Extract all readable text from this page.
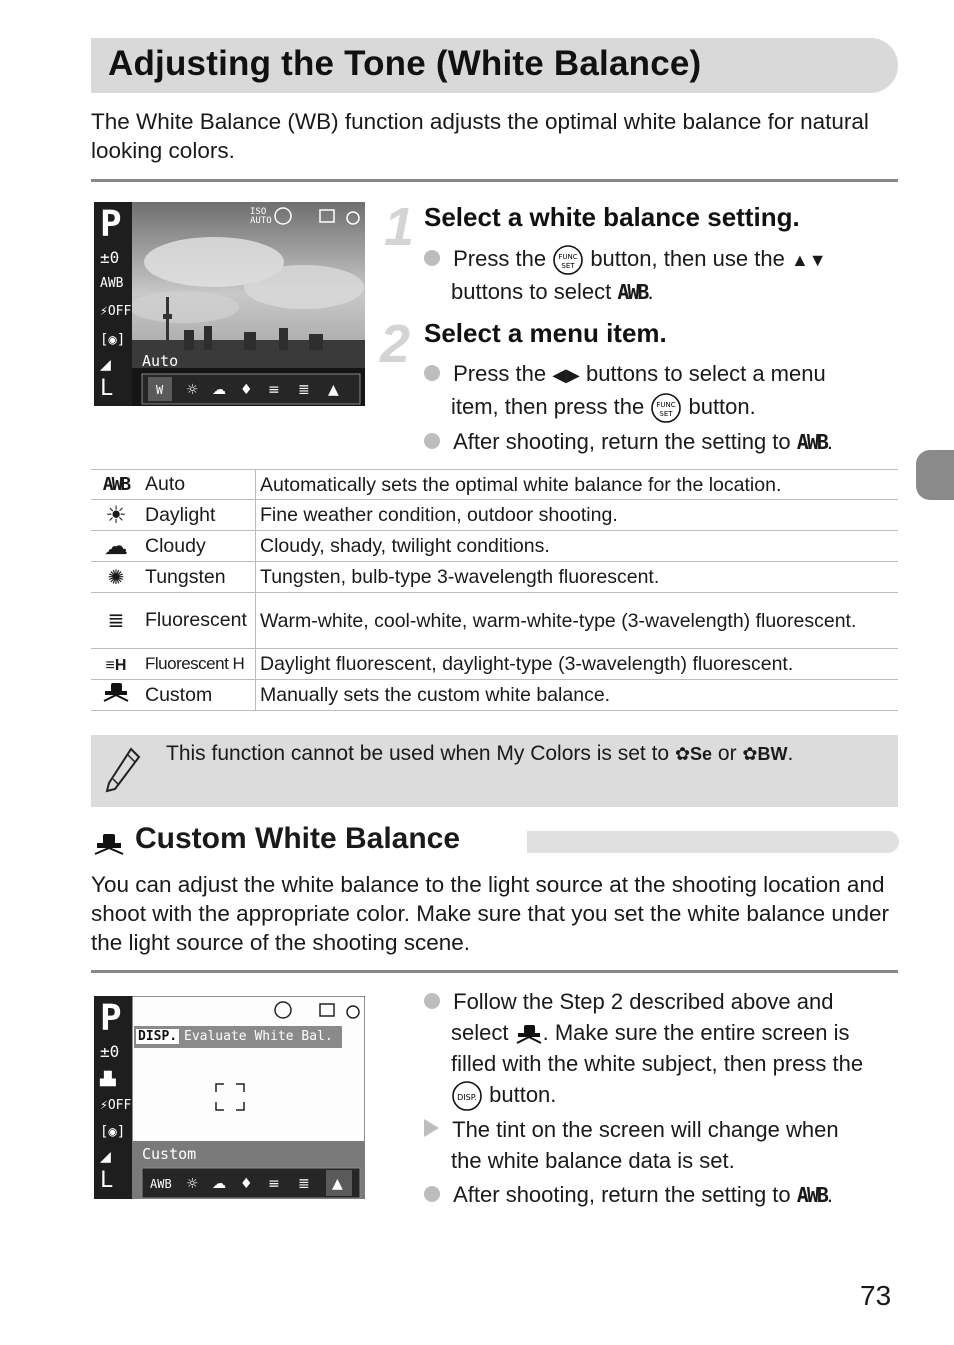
Adjusting the Tone (White Balance)
The White Balance (WB) function adjusts the optimal white balance for natural looking colors.
W ☼ ☁ ♦ ≡ ≣ ▲
P
±0
AWB
⚡OFF
[◉]
◢
L
ISO AUTO
Auto
1 Select a white balance setting.
Press the FUNC
SET button, then use the ▲▼
buttons to select AWB.
2 Select a menu item.
Press the ◀▶ buttons to select a menu
item, then press the FUNC
SET button.
After shooting, return the setting to AWB.
AWB	Auto	Automatically sets the optimal white balance for the location.
☀	Daylight	Fine weather condition, outdoor shooting.
☁	Cloudy	Cloudy, shady, twilight conditions.
✺	Tungsten	Tungsten, bulb-type 3-wavelength fluorescent.
≣	Fluorescent	Warm-white, cool-white, warm-white-type (3-wavelength) fluorescent.
≡H	Fluorescent H	Daylight fluorescent, daylight-type (3-wavelength) fluorescent.
	Custom	Manually sets the custom white balance.
This function cannot be used when My Colors is set to ✿Se or ✿BW.
Custom White Balance
You can adjust the white balance to the light source at the shooting location and shoot with the appropriate color. Make sure that you set the white balance under the light source of the shooting scene.
☼ ☁ ♦ ≡ ≣ ▲
AWB
P
±0
▟▙
⚡OFF
[◉]
◢
L
DISP. Evaluate White Bal.
Custom
Follow the Step 2 described above and
select . Make sure the entire screen is
filled with the white subject, then press the
DISP. button.
The tint on the screen will change when
the white balance data is set.
After shooting, return the setting to AWB.
73
